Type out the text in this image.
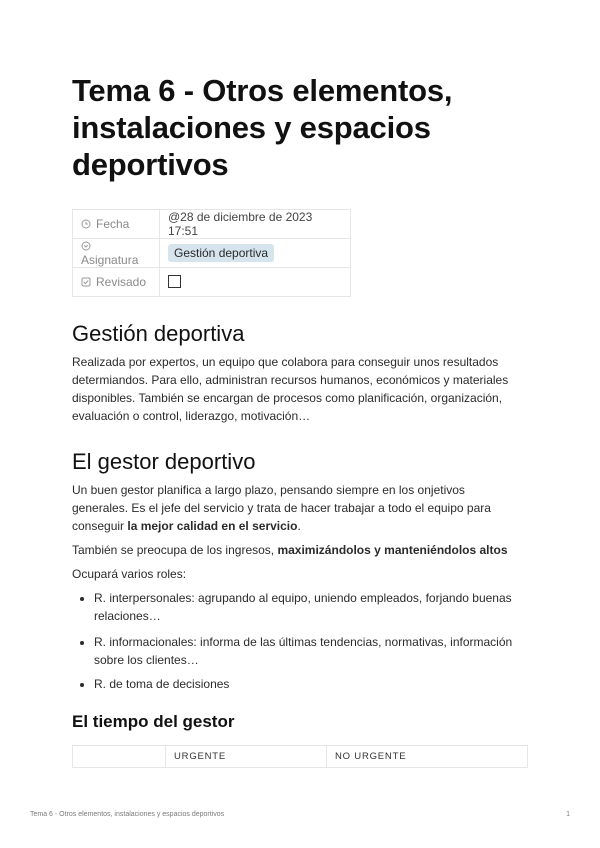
Tema 6 - Otros elementos,
instalaciones y espacios
deportivos
Fecha	@28 de diciembre de 2023 17:51
Asignatura	Gestión deportiva
Revisado	
Gestión deportiva

Realizada por expertos, un equipo que colabora para conseguir unos resultados
determiandos. Para ello, administran recursos humanos, económicos y materiales
disponibles. También se encargan de procesos como planificación, organización,
evaluación o control, liderazgo, motivación…

El gestor deportivo

Un buen gestor planifica a largo plazo, pensando siempre en los onjetivos
generales. Es el jefe del servicio y trata de hacer trabajar a todo el equipo para
conseguir la mejor calidad en el servicio.

También se preocupa de los ingresos, maximizándolos y manteniéndolos altos

Ocupará varios roles:

• R. interpersonales: agrupando al equipo, uniendo empleados, forjando buenas
relaciones…
• R. informacionales: informa de las últimas tendencias, normativas, información
sobre los clientes…
• R. de toma de decisiones
El tiempo del gestor
	URGENTE	NO URGENTE
Tema 6 - Otros elementos, instalaciones y espacios deportivos	1
